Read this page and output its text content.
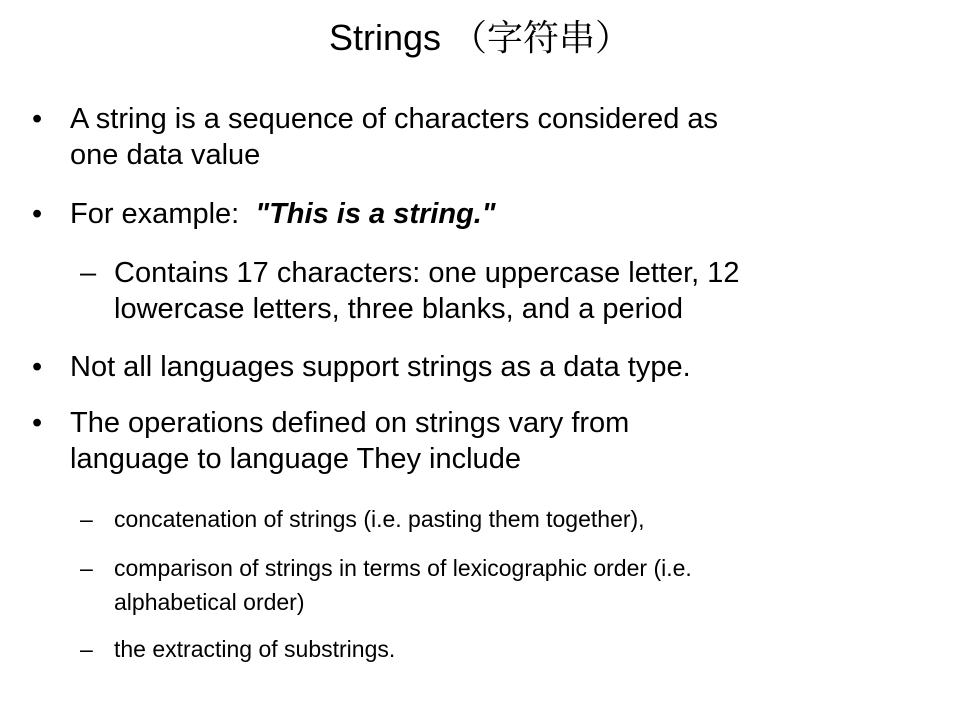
Strings （字符串）
• A string is a sequence of characters considered as
one data value
• For example:  "This is a string."
– Contains 17 characters: one uppercase letter, 12
lowercase letters, three blanks, and a period
• Not all languages support strings as a data type.
• The operations defined on strings vary from
language to language They include
– concatenation of strings (i.e. pasting them together),
– comparison of strings in terms of lexicographic order (i.e.
alphabetical order)
– the extracting of substrings.
